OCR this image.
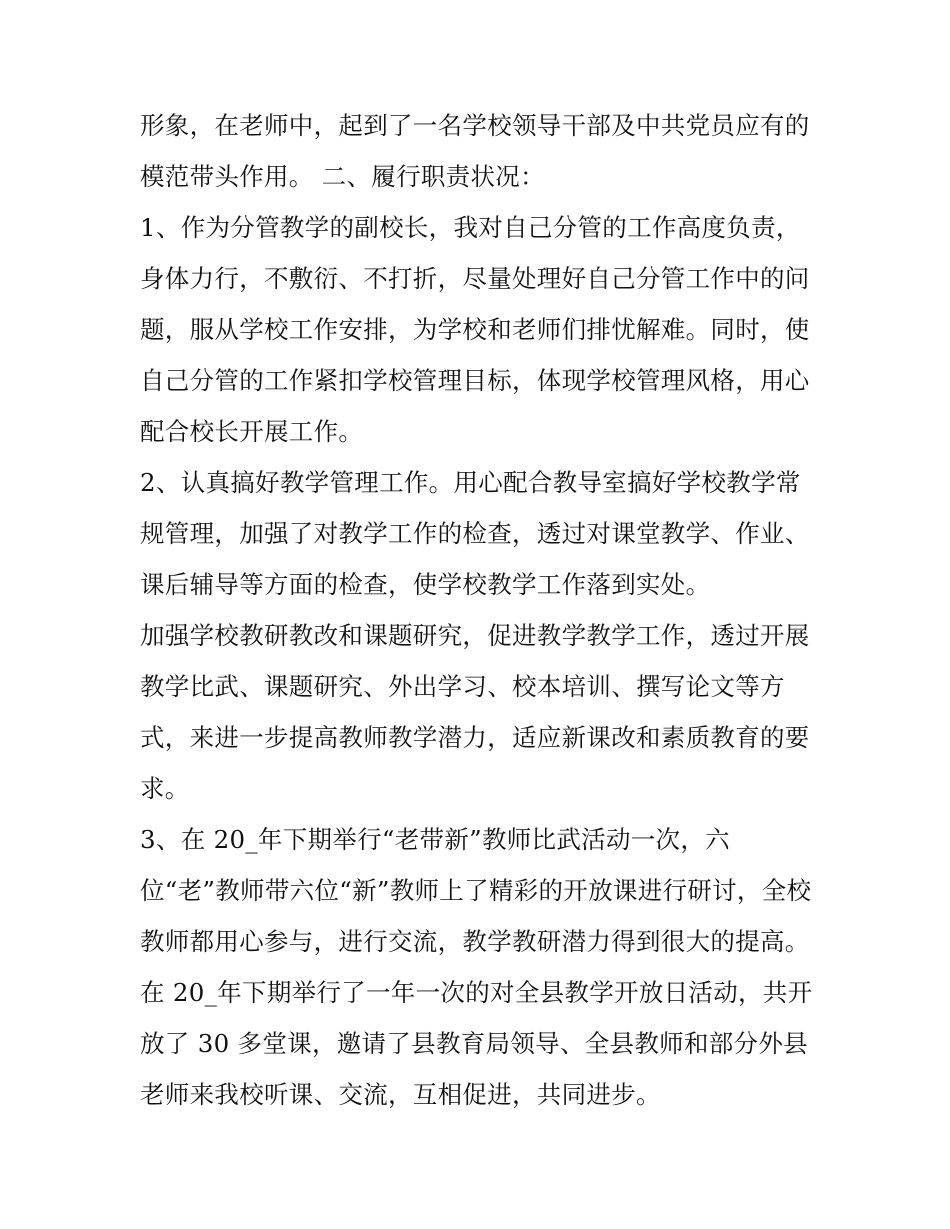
形象，在老师中，起到了一名学校领导干部及中共党员应有的
模范带头作用。 二、履行职责状况：
1、作为分管教学的副校长，我对自己分管的工作高度负责，
身体力行，不敷衍、不打折，尽量处理好自己分管工作中的问
题，服从学校工作安排，为学校和老师们排忧解难。同时，使
自己分管的工作紧扣学校管理目标，体现学校管理风格，用心
配合校长开展工作。
2、认真搞好教学管理工作。用心配合教导室搞好学校教学常
规管理，加强了对教学工作的检查，透过对课堂教学、作业、
课后辅导等方面的检查，使学校教学工作落到实处。
加强学校教研教改和课题研究，促进教学教学工作，透过开展
教学比武、课题研究、外出学习、校本培训、撰写论文等方
式，来进一步提高教师教学潜力，适应新课改和素质教育的要
求。
3、在 20_年下期举行“老带新”教师比武活动一次，六
位“老”教师带六位“新”教师上了精彩的开放课进行研讨，全校
教师都用心参与，进行交流，教学教研潜力得到很大的提高。
在 20_年下期举行了一年一次的对全县教学开放日活动，共开
放了 30 多堂课，邀请了县教育局领导、全县教师和部分外县
老师来我校听课、交流，互相促进，共同进步。
